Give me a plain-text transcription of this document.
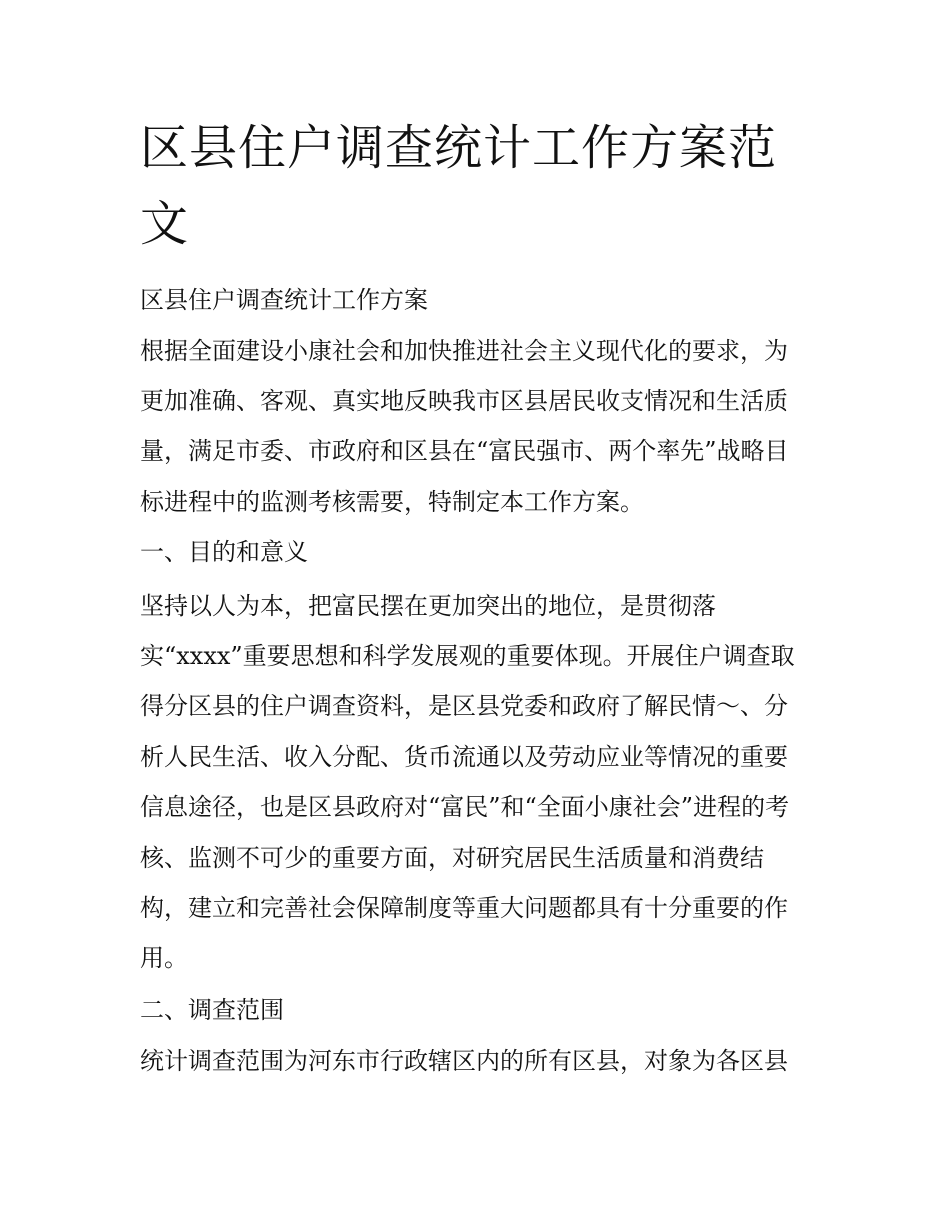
区县住户调查统计工作方案范文

区县住户调查统计工作方案

根据全面建设小康社会和加快推进社会主义现代化的要求，为

更加准确、客观、真实地反映我市区县居民收支情况和生活质

量，满足市委、市政府和区县在“富民强市、两个率先”战略目

标进程中的监测考核需要，特制定本工作方案。

一、目的和意义

坚持以人为本，把富民摆在更加突出的地位，是贯彻落

实“xxxx”重要思想和科学发展观的重要体现。开展住户调查取

得分区县的住户调查资料，是区县党委和政府了解民情～、分

析人民生活、收入分配、货币流通以及劳动应业等情况的重要

信息途径，也是区县政府对“富民”和“全面小康社会”进程的考

核、监测不可少的重要方面，对研究居民生活质量和消费结

构，建立和完善社会保障制度等重大问题都具有十分重要的作

用。

二、调查范围

统计调查范围为河东市行政辖区内的所有区县，对象为各区县
